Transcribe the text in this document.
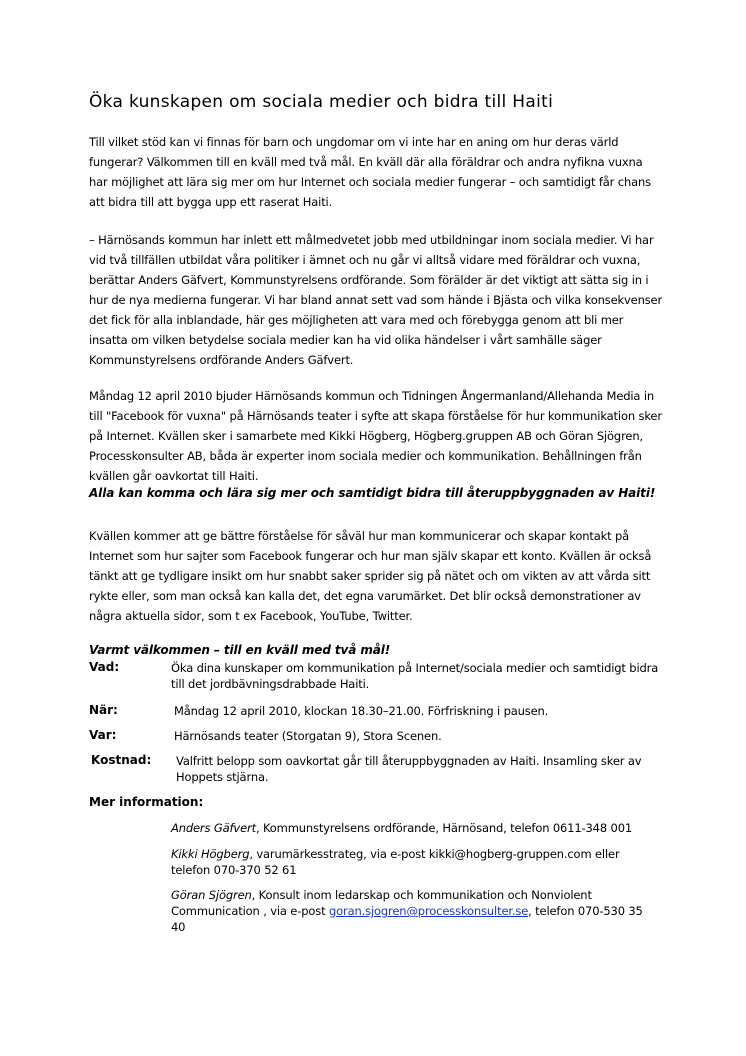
Öka kunskapen om sociala medier och bidra till Haiti

Till vilket stöd kan vi finnas för barn och ungdomar om vi inte har en aning om hur deras värld fungerar? Välkommen till en kväll med två mål. En kväll där alla föräldrar och andra nyfikna vuxna har möjlighet att lära sig mer om hur Internet och sociala medier fungerar – och samtidigt får chans att bidra till att bygga upp ett raserat Haiti.

– Härnösands kommun har inlett ett målmedvetet jobb med utbildningar inom sociala medier. Vi har vid två tillfällen utbildat våra politiker i ämnet och nu går vi alltså vidare med föräldrar och vuxna, berättar Anders Gäfvert, Kommunstyrelsens ordförande. Som förälder är det viktigt att sätta sig in i hur de nya medierna fungerar. Vi har bland annat sett vad som hände i Bjästa och vilka konsekvenser det fick för alla inblandade, här ges möjligheten att vara med och förebygga genom att bli mer insatta om vilken betydelse sociala medier kan ha vid olika händelser i vårt samhälle säger Kommunstyrelsens ordförande Anders Gäfvert.

Måndag 12 april 2010 bjuder Härnösands kommun och Tidningen Ångermanland/Allehanda Media in till "Facebook för vuxna" på Härnösands teater i syfte att skapa förståelse för hur kommunikation sker på Internet. Kvällen sker i samarbete med Kikki Högberg, Högberg.gruppen AB och Göran Sjögren, Processkonsulter AB, båda är experter inom sociala medier och kommunikation. Behållningen från kvällen går oavkortat till Haiti.

Alla kan komma och lära sig mer och samtidigt bidra till återuppbyggnaden av Haiti!

Kvällen kommer att ge bättre förståelse för såväl hur man kommunicerar och skapar kontakt på Internet som hur sajter som Facebook fungerar och hur man själv skapar ett konto. Kvällen är också tänkt att ge tydligare insikt om hur snabbt saker sprider sig på nätet och om vikten av att vårda sitt rykte eller, som man också kan kalla det, det egna varumärket. Det blir också demonstrationer av några aktuella sidor, som t ex Facebook, YouTube, Twitter.

Varmt välkommen – till en kväll med två mål!

Vad:	Öka dina kunskaper om kommunikation på Internet/sociala medier och samtidigt bidra till det jordbävningsdrabbade Haiti.
När:	Måndag 12 april 2010, klockan 18.30–21.00. Förfriskning i pausen.
Var:	Härnösands teater (Storgatan 9), Stora Scenen.
Kostnad: Valfritt belopp som oavkortat går till återuppbyggnaden av Haiti. Insamling sker av Hoppets stjärna.
Mer information:

Anders Gäfvert, Kommunstyrelsens ordförande, Härnösand, telefon 0611-348 001

Kikki Högberg, varumärkesstrateg, via e-post kikki@hogberg-gruppen.com eller telefon 070-370 52 61

Göran Sjögren, Konsult inom ledarskap och kommunikation och Nonviolent Communication , via e-post goran.sjogren@processkonsulter.se, telefon 070-530 35 40
